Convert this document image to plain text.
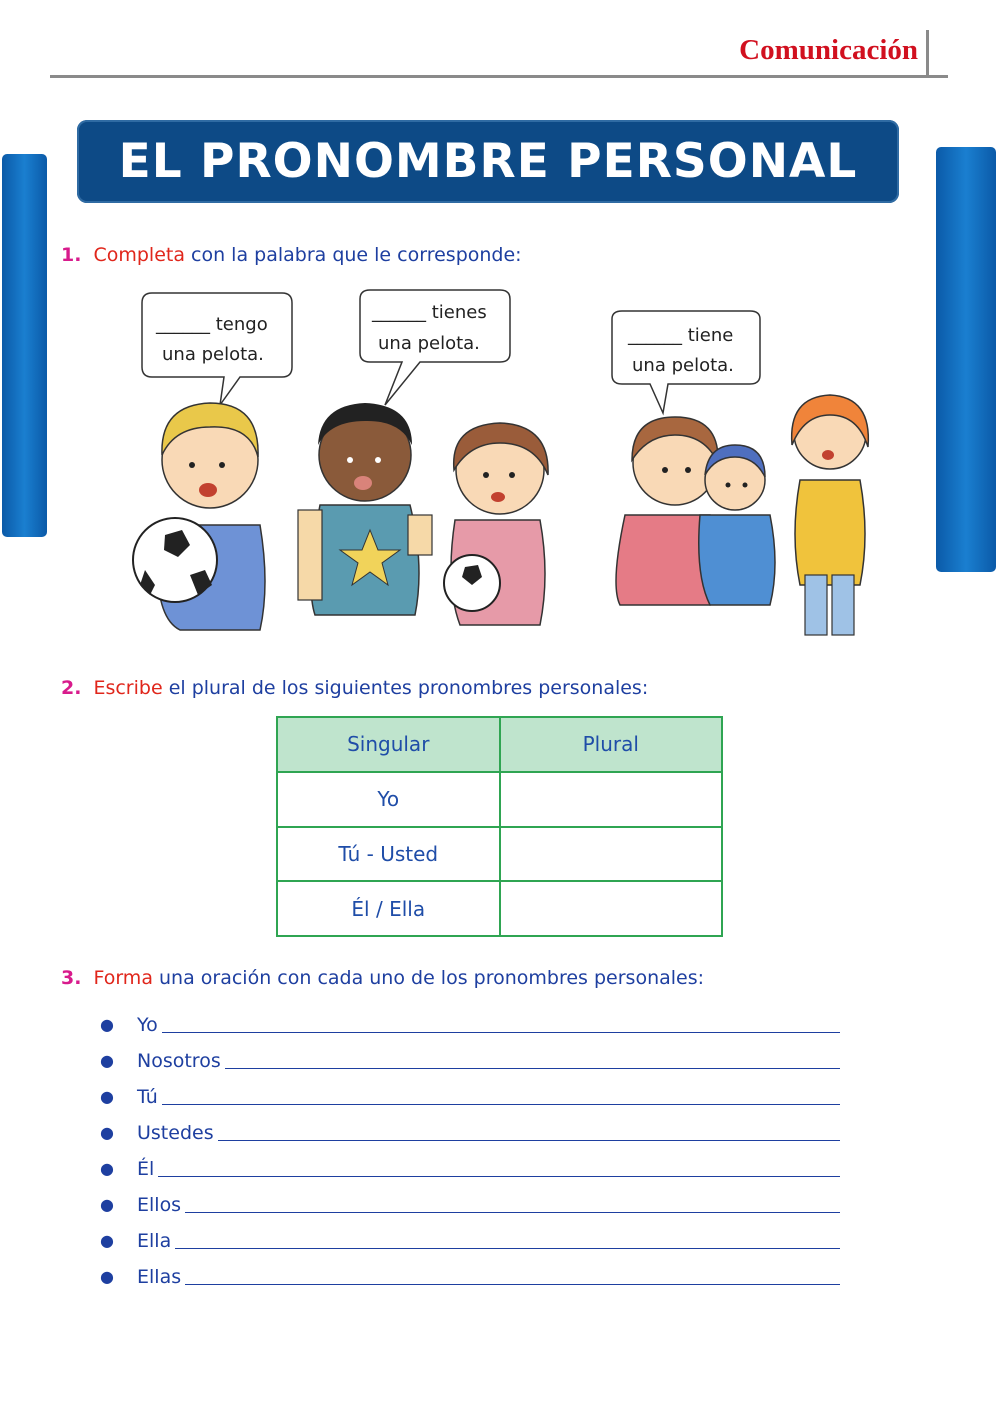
Comunicación
EL PRONOMBRE PERSONAL
1. Completa con la palabra que le corresponde:
______ tengo
una pelota.
______ tienes
una pelota.	______ tiene
una pelota.
2. Escribe el plural de los siguientes pronombres personales:
Singular	Plural
Yo	
Tú - Usted	
Él / Ella	
3. Forma una oración con cada uno de los pronombres personales:
●	Yo
●	Nosotros
●	Tú
●	Ustedes
●	Él
●	Ellos
●	Ella
●	Ellas
